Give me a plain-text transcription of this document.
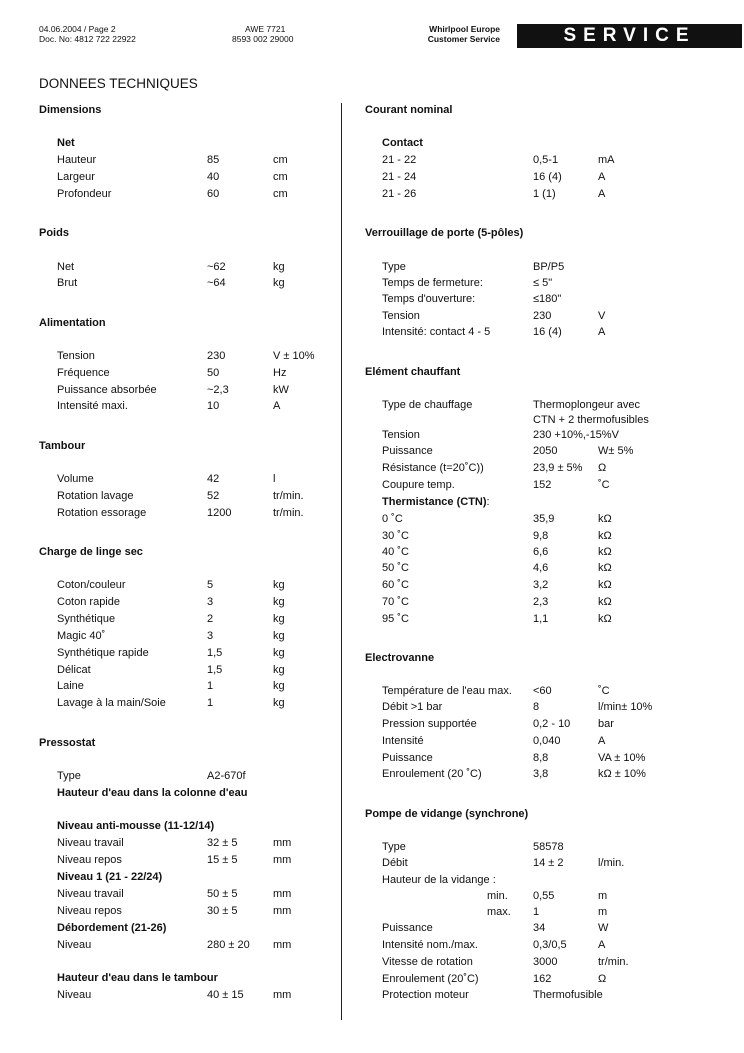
04.06.2004 / Page 2
Doc. No: 4812 722 22922
AWE 7721
8593 002 29000
Whirlpool Europe
Customer Service	SERVICE
DONNEES TECHNIQUES
Dimensions
Net
Hauteur	85	cm
Largeur	40	cm
Profondeur	60	cm
Poids
Net	~62	kg
Brut	~64	kg
Alimentation
Tension	230	V ± 10%
Fréquence	50	Hz
Puissance absorbée	~2,3	kW
Intensité maxi.	10	A
Tambour
Volume	42	l
Rotation lavage	52	tr/min.
Rotation essorage	1200	tr/min.
Charge de linge sec
Coton/couleur	5	kg
Coton rapide	3	kg
Synthétique	2	kg
Magic 40˚	3	kg
Synthétique rapide	1,5	kg
Délicat	1,5	kg
Laine	1	kg
Lavage à la main/Soie	1	kg
Pressostat
Type	A2-670f
Hauteur d'eau dans la colonne d'eau
Niveau anti-mousse (11-12/14)
Niveau travail	32 ± 5	mm
Niveau repos	15 ± 5	mm
Niveau 1 (21 - 22/24)
Niveau travail	50 ± 5	mm
Niveau repos	30 ± 5	mm
Débordement (21-26)
Niveau	280 ± 20 mm
Hauteur d'eau dans le tambour
Niveau	40 ± 15	mm
Courant nominal
Contact
21 - 22	0,5-1	mA
21 - 24	16 (4)	A
21 - 26	1 (1)	A
Verrouillage de porte (5-pôles)
Type	BP/P5
Temps de fermeture:	≤ 5"
Temps d'ouverture:	≤180"
Tension	230	V
Intensité: contact 4 - 5	16 (4)	A
Elément chauffant
Type de chauffage	Thermoplongeur avec
CTN + 2 thermofusibles
Tension	230 +10%,-15%V
Puissance	2050	W± 5%
Résistance (t=20˚C))	23,9 ± 5% Ω
Coupure temp.	152	˚C
Thermistance (CTN):
0 ˚C	35,9	kΩ
30 ˚C	9,8	kΩ
40 ˚C	6,6	kΩ
50 ˚C	4,6	kΩ
60 ˚C	3,2	kΩ
70 ˚C	2,3	kΩ
95 ˚C	1,1	kΩ
Electrovanne
Température de l'eau max. <60	˚C
Débit >1 bar	8	l/min± 10%
Pression supportée	0,2 - 10	bar
Intensité	0,040	A
Puissance	8,8	VA ± 10%
Enroulement (20 ˚C)	3,8	kΩ ± 10%
Pompe de vidange (synchrone)
Type	58578
Débit	14 ± 2	l/min.
Hauteur de la vidange :
min. 0,55	m
max. 1	m
Puissance	34	W
Intensité nom./max.	0,3/0,5	A
Vitesse de rotation	3000	tr/min.
Enroulement (20˚C)	162	Ω
Protection moteur	Thermofusible
